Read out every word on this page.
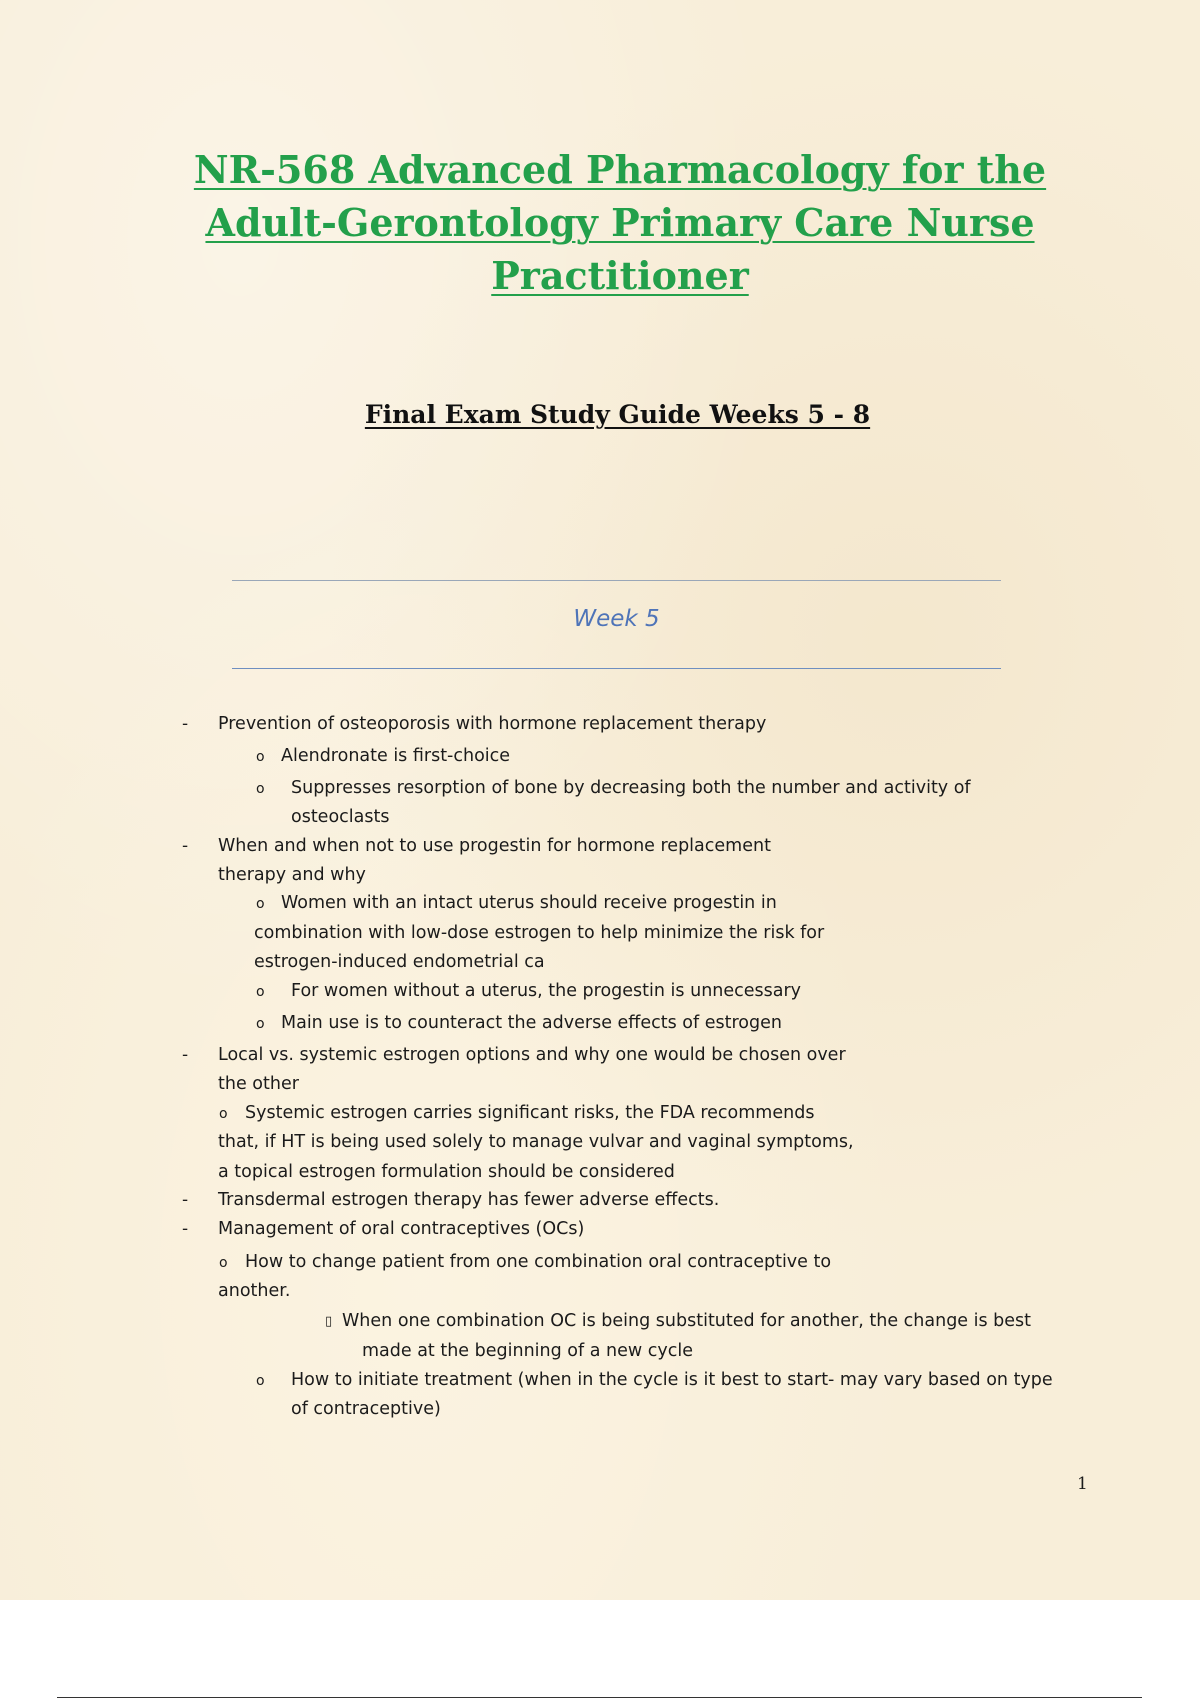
NR-568 Advanced Pharmacology for the Adult-Gerontology Primary Care Nurse Practitioner
Final Exam Study Guide Weeks 5 - 8
Week 5
- Prevention of osteoporosis with hormone replacement therapy
o Alendronate is first-choice
o Suppresses resorption of bone by decreasing both the number and activity of
osteoclasts
- When and when not to use progestin for hormone replacement
therapy and why
o Women with an intact uterus should receive progestin in
combination with low-dose estrogen to help minimize the risk for
estrogen-induced endometrial ca
o For women without a uterus, the progestin is unnecessary
o Main use is to counteract the adverse effects of estrogen
- Local vs. systemic estrogen options and why one would be chosen over
the other
o Systemic estrogen carries significant risks, the FDA recommends
that, if HT is being used solely to manage vulvar and vaginal symptoms,
a topical estrogen formulation should be considered
- Transdermal estrogen therapy has fewer adverse effects.
- Management of oral contraceptives (OCs)
o How to change patient from one combination oral contraceptive to
another.
▯ When one combination OC is being substituted for another, the change is best
made at the beginning of a new cycle
o How to initiate treatment (when in the cycle is it best to start- may vary based on type
of contraceptive)
1
